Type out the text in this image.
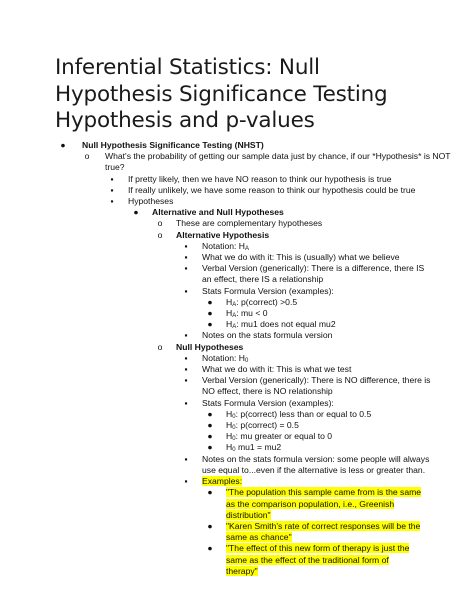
Inferential Statistics: Null
Hypothesis Significance Testing
Hypothesis and p-values
● Null Hypothesis Significance Testing (NHST)
o	What's the probability of getting our sample data just by chance, if our *Hypothesis* is NOT
true?
▪	If pretty likely, then we have NO reason to think our hypothesis is true
▪	If really unlikely, we have some reason to think our hypothesis could be true
▪	Hypotheses
● Alternative and Null Hypotheses
o	These are complementary hypotheses
o	Alternative Hypothesis
▪	Notation: $H_A$
▪	What we do with it: This is (usually) what we believe
▪	Verbal Version (generically): There is a difference, there IS
an effect, there IS a relationship
▪	Stats Formula Version (examples):
● $H_A$: p(correct) >0.5
● $H_A$: mu < 0
● $H_A$: mu1 does not equal mu2
▪	Notes on the stats formula version
o	Null Hypotheses
▪	Notation: $H_0$
▪	What we do with it: This is what we test
▪	Verbal Version (generically): There is NO difference, there is
NO effect, there is NO relationship
▪	Stats Formula Version (examples):
● $H_0$: p(correct) less than or equal to 0.5
● $H_0$: p(correct) = 0.5
● $H_0$: mu greater or equal to 0
● $H_0$ mu1 = mu2
▪	Notes on the stats formula version: some people will always
use equal to...even if the alternative is less or greater than.
▪	Examples:
● "The population this sample came from is the same
as the comparison population, i.e., Greenish
distribution"
● "Karen Smith's rate of correct responses will be the
same as chance"
● "The effect of this new form of therapy is just the
same as the effect of the traditional form of
therapy"
